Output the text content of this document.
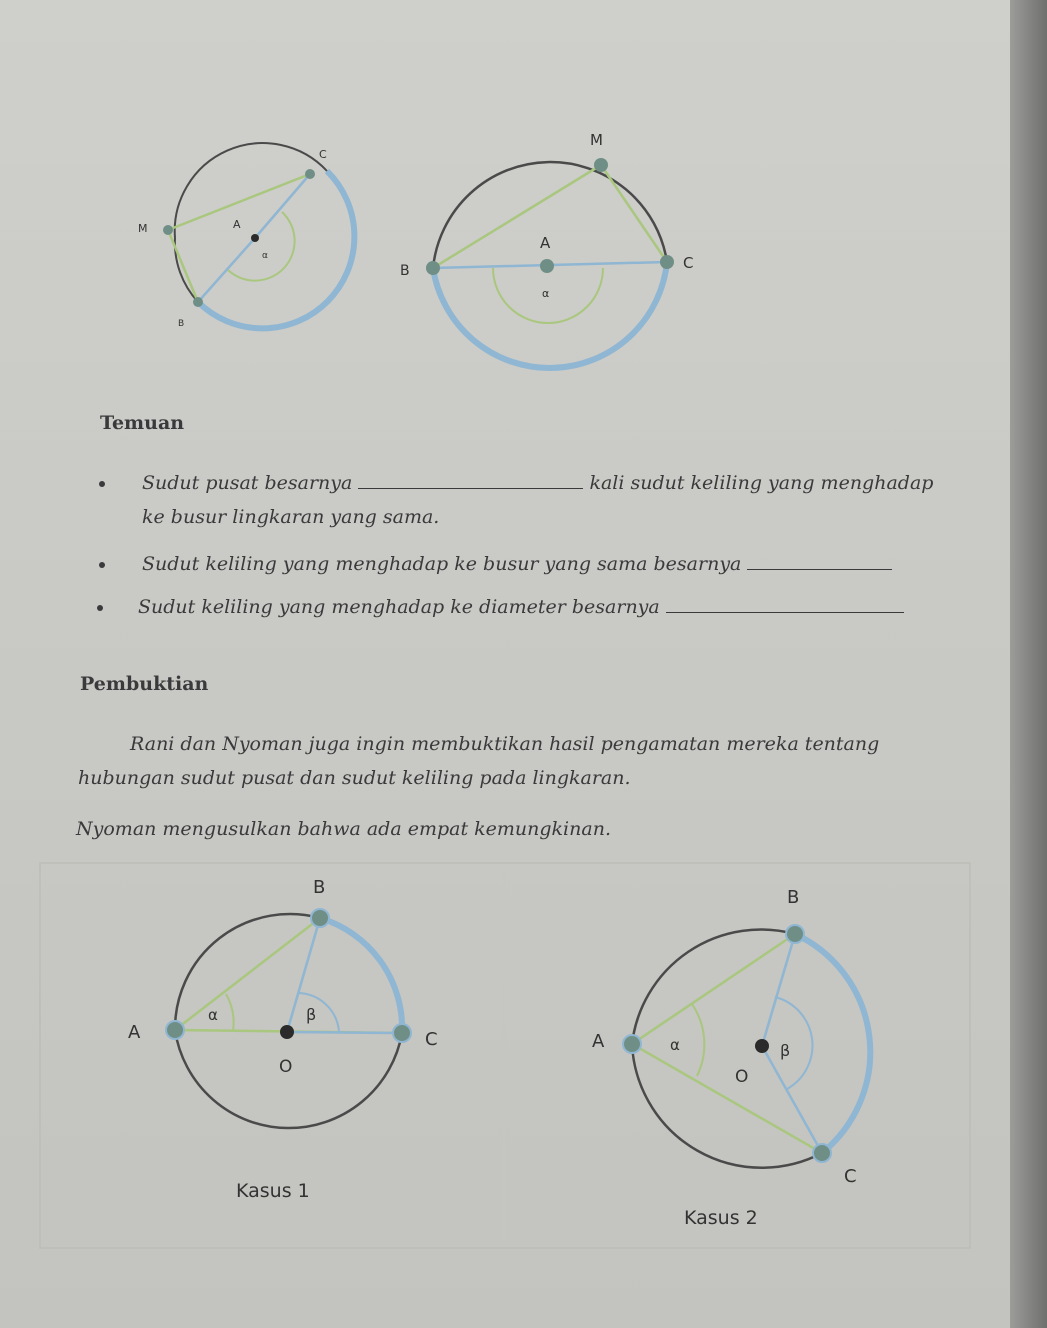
C
M	A
α
B
M
A
B	C
α
B
A	C
O
α	β
B
A
C
O
α	β

Temuan

Sudut pusat besarnya	kali sudut keliling yang menghadap

ke busur lingkaran yang sama.

Sudut keliling yang menghadap ke busur yang sama besarnya

Sudut keliling yang menghadap ke diameter besarnya

Pembuktian

Rani dan Nyoman juga ingin membuktikan hasil pengamatan mereka tentang

hubungan sudut pusat dan sudut keliling pada lingkaran.

Nyoman mengusulkan bahwa ada empat kemungkinan.

Kasus 1

Kasus 2
